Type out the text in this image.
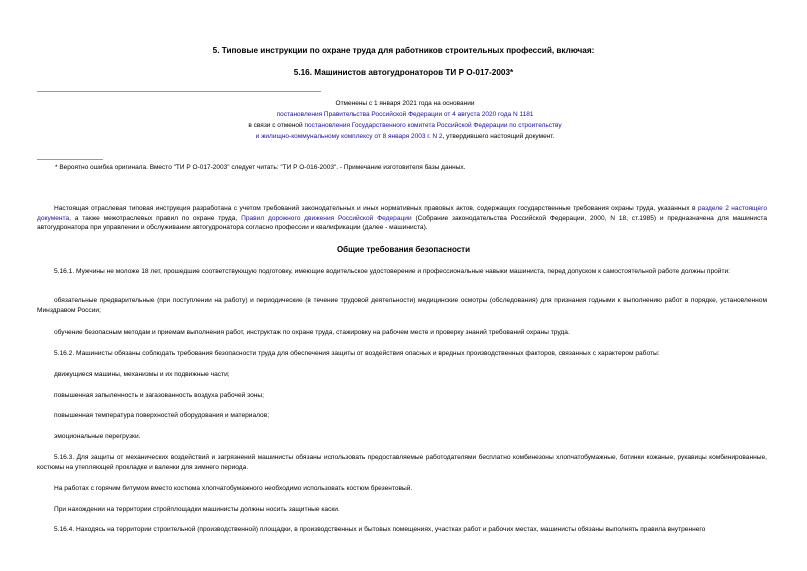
5. Типовые инструкции по охране труда для работников строительных профессий, включая:
5.16. Машинистов автогудронаторов ТИ Р О-017-2003*
Отменены с 1 января 2021 года на основании
постановления Правительства Российской Федерации от 4 августа 2020 года N 1181
в связи с отменой постановления Государственного комитета Российской Федерации по строительству
и жилищно-коммунальному комплексу от 8 января 2003 г. N 2, утвердившего настоящий документ.
* Вероятно ошибка оригинала. Вместо "ТИ Р О-017-2003" следует читать: "ТИ Р О-016-2003". - Примечание изготовителя базы данных.
Настоящая отраслевая типовая инструкция разработана с учетом требований законодательных и иных нормативных правовых актов, содержащих государственные требования охраны труда, указанных в разделе 2 настоящего документа, а также межотраслевых правил по охране труда, Правил дорожного движения Российской Федерации (Собрание законодательства Российской Федерации, 2000, N 18, ст.1985) и предназначена для машиниста автогудронатора при управлении и обслуживании автогудронатора согласно профессии и квалификации (далее - машиниста).
Общие требования безопасности
5.16.1. Мужчины не моложе 18 лет, прошедшие соответствующую подготовку, имеющие водительское удостоверение и профессиональные навыки машиниста, перед допуском к самостоятельной работе должны пройти:
обязательные предварительные (при поступлении на работу) и периодические (в течение трудовой деятельности) медицинские осмотры (обследования) для признания годными к выполнению работ в порядке, установленном Минздравом России;
обучение безопасным методам и приемам выполнения работ, инструктаж по охране труда, стажировку на рабочем месте и проверку знаний требований охраны труда.
5.16.2. Машинисты обязаны соблюдать требования безопасности труда для обеспечения защиты от воздействия опасных и вредных производственных факторов, связанных с характером работы:
движущиеся машины, механизмы и их подвижные части;
повышенная запыленность и загазованность воздуха рабочей зоны;
повышенная температура поверхностей оборудования и материалов;
эмоциональные перегрузки.
5.16.3. Для защиты от механических воздействий и загрязнений машинисты обязаны использовать предоставляемые работодателями бесплатно комбинезоны хлопчатобумажные, ботинки кожаные, рукавицы комбинированные, костюмы на утепляющей прокладке и валенки для зимнего периода.
На работах с горячим битумом вместо костюма хлопчатобумажного необходимо использовать костюм брезентовый.
При нахождении на территории стройплощадки машинисты должны носить защитные каски.
5.16.4. Находясь на территории строительной (производственной) площадки, в производственных и бытовых помещениях, участках работ и рабочих местах, машинисты обязаны выполнять правила внутреннего
